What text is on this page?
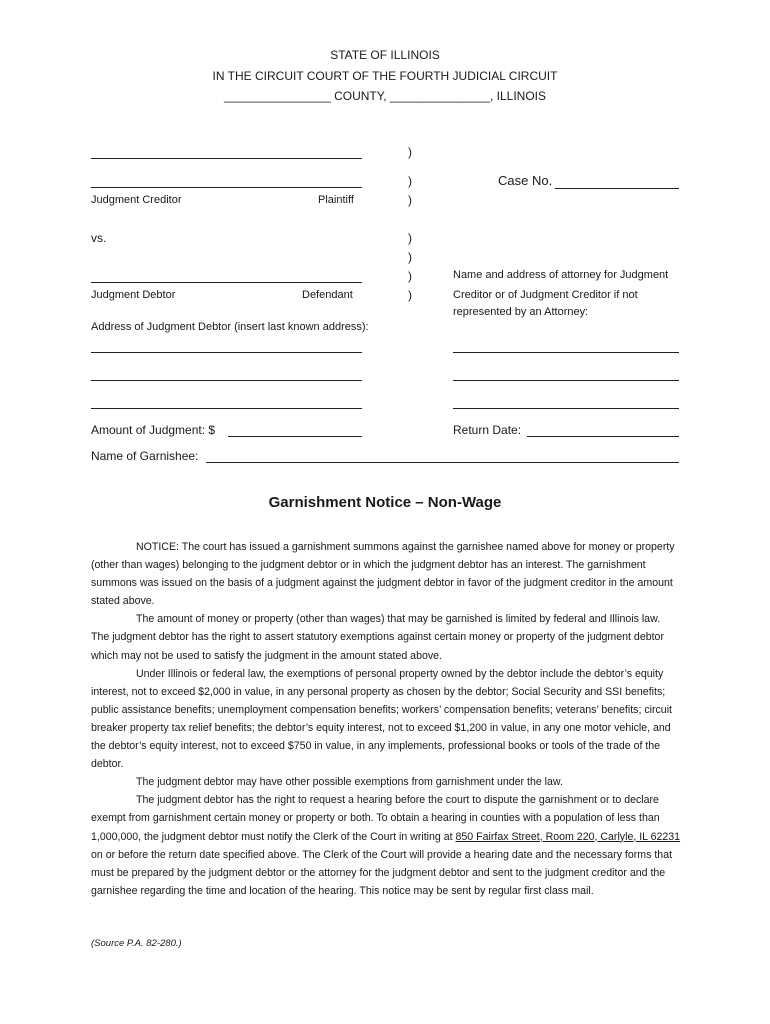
STATE OF ILLINOIS
IN THE CIRCUIT COURT OF THE FOURTH JUDICIAL CIRCUIT
________________ COUNTY, _______________, ILLINOIS
Judgment Creditor	Plaintiff
vs.
Judgment Debtor	Defendant
)
)
)
)
)
)
)
Case No.
Name and address of attorney for Judgment
Creditor or of Judgment Creditor if not
represented by an Attorney:
Address of Judgment Debtor (insert last known address):
Amount of Judgment: $	Return Date:
Name of Garnishee:
Garnishment Notice – Non-Wage

NOTICE: The court has issued a garnishment summons against the garnishee named above for money or property (other than wages) belonging to the judgment debtor or in which the judgment debtor has an interest. The garnishment summons was issued on the basis of a judgment against the judgment debtor in favor of the judgment creditor in the amount stated above.

The amount of money or property (other than wages) that may be garnished is limited by federal and Illinois law. The judgment debtor has the right to assert statutory exemptions against certain money or property of the judgment debtor which may not be used to satisfy the judgment in the amount stated above.

Under Illinois or federal law, the exemptions of personal property owned by the debtor include the debtor’s equity interest, not to exceed $2,000 in value, in any personal property as chosen by the debtor; Social Security and SSI benefits; public assistance benefits; unemployment compensation benefits; workers’ compensation benefits; veterans’ benefits; circuit breaker property tax relief benefits; the debtor’s equity interest, not to exceed $1,200 in value, in any one motor vehicle, and the debtor’s equity interest, not to exceed $750 in value, in any implements, professional books or tools of the trade of the debtor.

The judgment debtor may have other possible exemptions from garnishment under the law.

The judgment debtor has the right to request a hearing before the court to dispute the garnishment or to declare exempt from garnishment certain money or property or both. To obtain a hearing in counties with a population of less than 1,000,000, the judgment debtor must notify the Clerk of the Court in writing at 850 Fairfax Street, Room 220, Carlyle, IL 62231 on or before the return date specified above. The Clerk of the Court will provide a hearing date and the necessary forms that must be prepared by the judgment debtor or the attorney for the judgment debtor and sent to the judgment creditor and the garnishee regarding the time and location of the hearing. This notice may be sent by regular first class mail.

(Source P.A. 82-280.)
